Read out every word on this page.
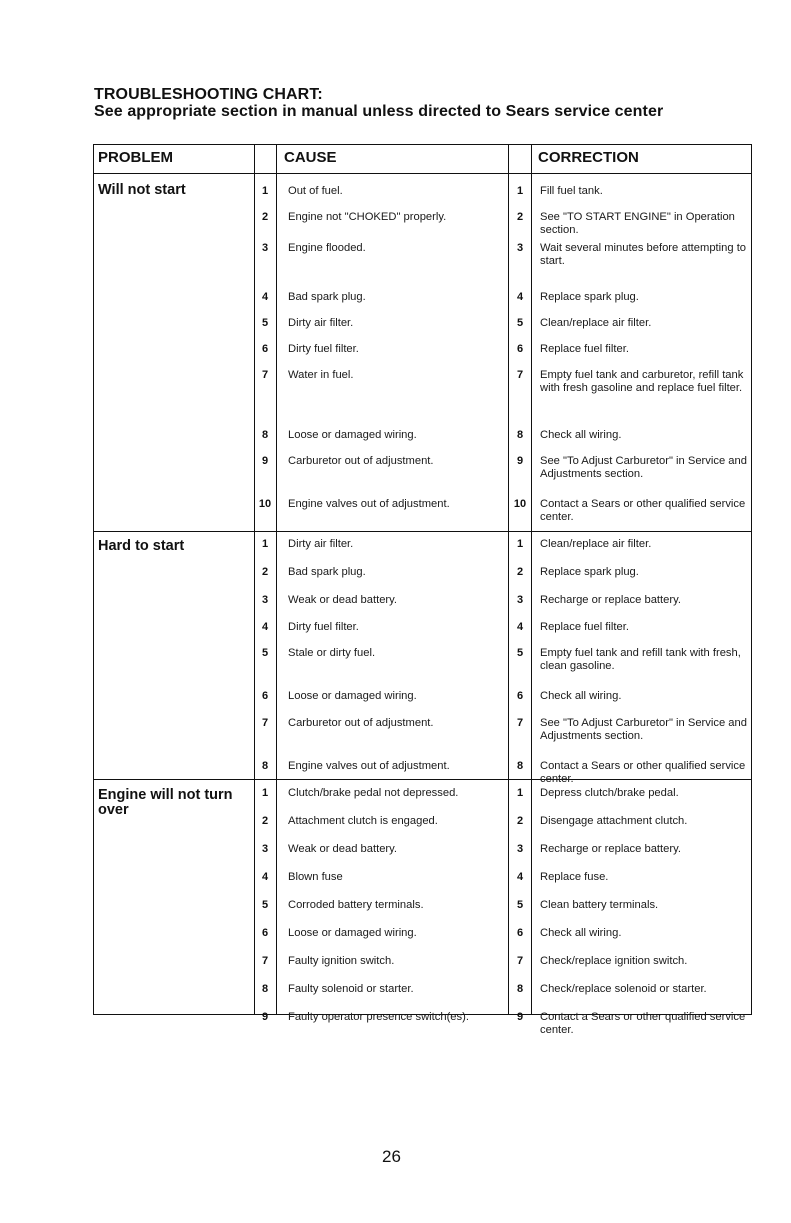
TROUBLESHOOTING CHART:
See appropriate section in manual unless directed to Sears service center
PROBLEM	CAUSE	CORRECTION
Will not start	1	Out of fuel.	1	Fill fuel tank.
2	Engine not "CHOKED" properly.	2	See "TO START ENGINE" in Operation section.
3	Engine flooded.	3	Wait several minutes before attempting to start.
4	Bad spark plug.	4	Replace spark plug.
5	Dirty air filter.	5	Clean/replace air filter.
6	Dirty fuel filter.	6	Replace fuel filter.
7	Water in fuel.	7	Empty fuel tank and carburetor, refill tank with fresh gasoline and replace fuel filter.
8	Loose or damaged wiring.	8	Check all wiring.
9	Carburetor out of adjustment.	9	See "To Adjust Carburetor" in Service and Adjustments section.
10	Engine valves out of adjustment.	10	Contact a Sears or other qualified service center.
Hard to start	1	Dirty air filter.	1	Clean/replace air filter.
2	Bad spark plug.	2	Replace spark plug.
3	Weak or dead battery.	3	Recharge or replace battery.
4	Dirty fuel filter.	4	Replace fuel filter.
5	Stale or dirty fuel.	5	Empty fuel tank and refill tank with fresh, clean gasoline.
6	Loose or damaged wiring.	6	Check all wiring.
7	Carburetor out of adjustment.	7	See "To Adjust Carburetor" in Service and Adjustments section.
8	Engine valves out of adjustment.	8	Contact a Sears or other qualified service center.
Engine will not turn over
1	Clutch/brake pedal not depressed.	1	Depress clutch/brake pedal.
2	Attachment clutch is engaged.	2	Disengage attachment clutch.
3	Weak or dead battery.	3	Recharge or replace battery.
4	Blown fuse	4	Replace fuse.
5	Corroded battery terminals.	5	Clean battery terminals.
6	Loose or damaged wiring.	6	Check all wiring.
7	Faulty ignition switch.	7	Check/replace ignition switch.
8	Faulty solenoid or starter.	8	Check/replace solenoid or starter.
9	Faulty operator presence switch(es).	9	Contact a Sears or other qualified service center.
26
